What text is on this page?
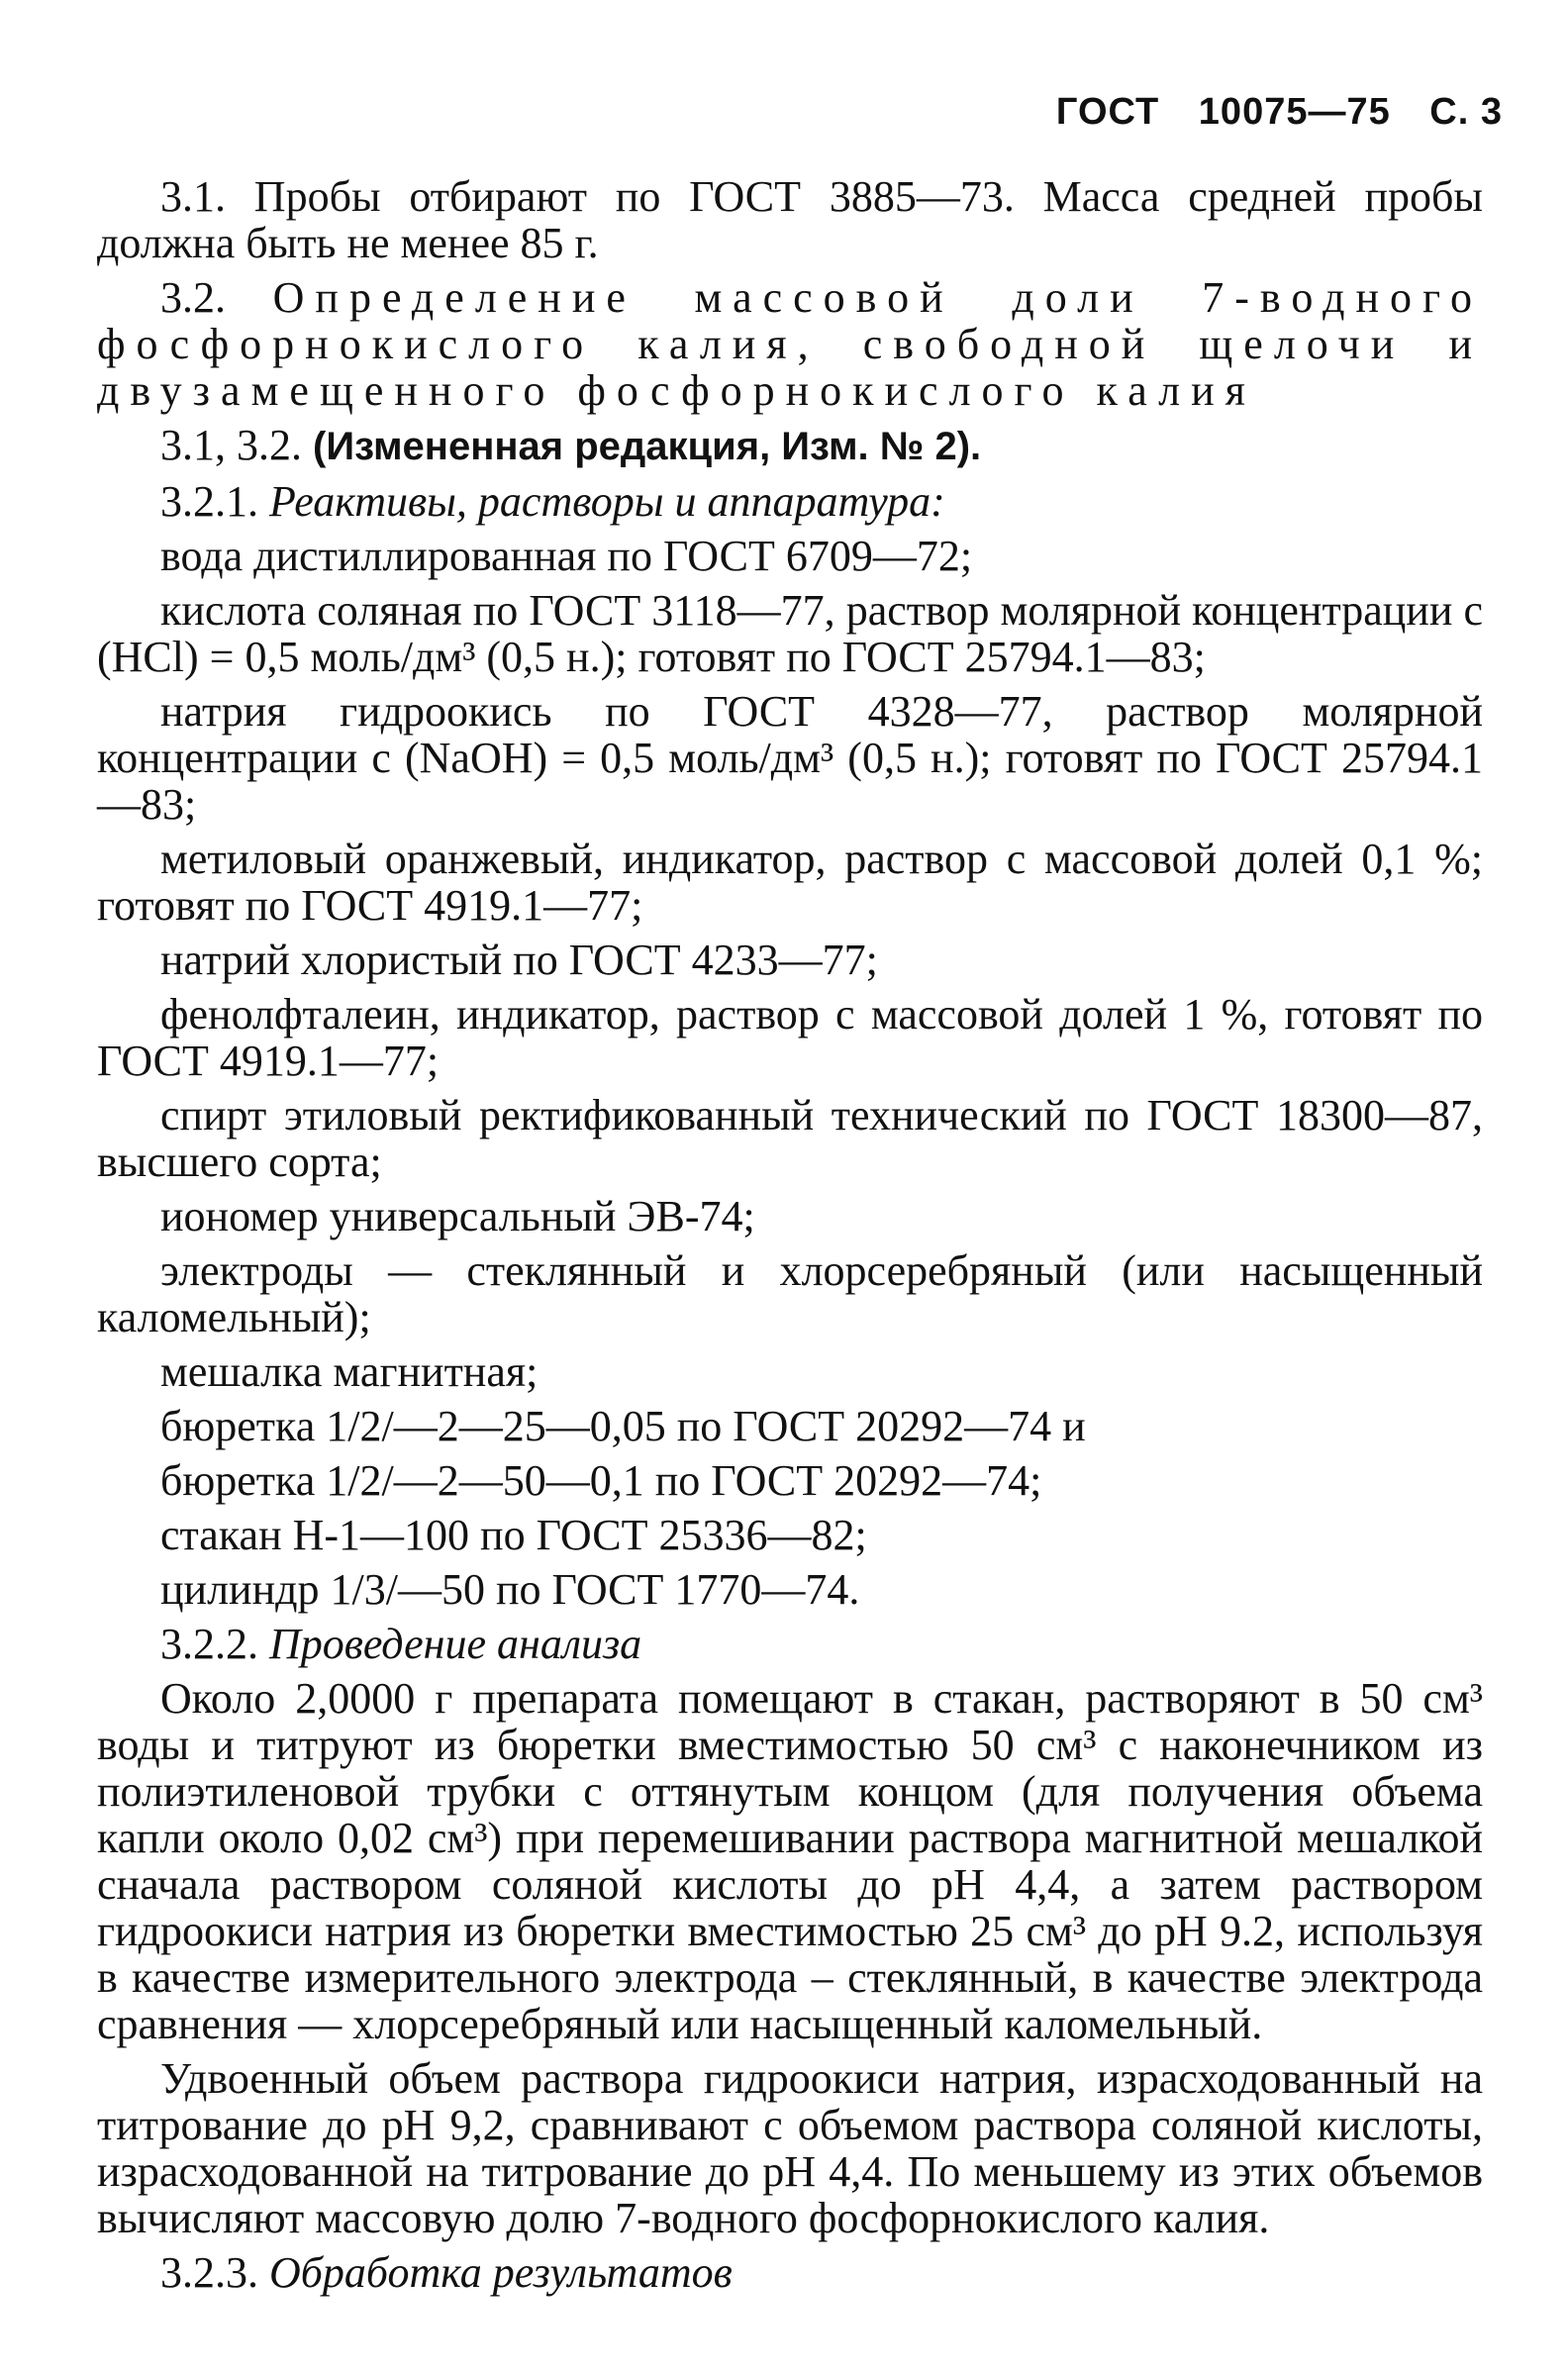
ГОСТ 10075—75 С. 3

3.1. Пробы отбирают по ГОСТ 3885—73. Масса средней пробы должна быть не менее 85 г.

3.2. Определение массовой доли 7-водного фосфорнокислого калия, свободной щелочи и двузамещенного фосфорнокислого калия

3.1, 3.2. (Измененная редакция, Изм. № 2).

3.2.1. Реактивы, растворы и аппаратура:

вода дистиллированная по ГОСТ 6709—72;

кислота соляная по ГОСТ 3118—77, раствор молярной концентрации c (HCl) = 0,5 моль/дм³ (0,5 н.); готовят по ГОСТ 25794.1—83;

натрия гидроокись по ГОСТ 4328—77, раствор молярной концентрации c (NaOH) = 0,5 моль/дм³ (0,5 н.); готовят по ГОСТ 25794.1—83;

метиловый оранжевый, индикатор, раствор с массовой долей 0,1 %; готовят по ГОСТ 4919.1—77;

натрий хлористый по ГОСТ 4233—77;

фенолфталеин, индикатор, раствор с массовой долей 1 %, готовят по ГОСТ 4919.1—77;

спирт этиловый ректификованный технический по ГОСТ 18300—87, высшего сорта;

иономер универсальный ЭВ-74;

электроды — стеклянный и хлорсеребряный (или насыщенный каломельный);

мешалка магнитная;

бюретка 1/2/—2—25—0,05 по ГОСТ 20292—74 и

бюретка 1/2/—2—50—0,1 по ГОСТ 20292—74;

стакан Н-1—100 по ГОСТ 25336—82;

цилиндр 1/3/—50 по ГОСТ 1770—74.

3.2.2. Проведение анализа

Около 2,0000 г препарата помещают в стакан, растворяют в 50 см³ воды и титруют из бюретки вместимостью 50 см³ с наконечником из полиэтиленовой трубки с оттянутым концом (для получения объема капли около 0,02 см³) при перемешивании раствора магнитной мешалкой сначала раствором соляной кислоты до pH 4,4, а затем раствором гидроокиси натрия из бюретки вместимостью 25 см³ до pH 9.2, используя в качестве измерительного электрода – стеклянный, в качестве электрода сравнения — хлорсеребряный или насыщенный каломельный.

Удвоенный объем раствора гидроокиси натрия, израсходованный на титрование до pH 9,2, сравнивают с объемом раствора соляной кислоты, израсходованной на титрование до pH 4,4. По меньшему из этих объемов вычисляют массовую долю 7-водного фосфорнокислого калия.

3.2.3. Обработка результатов
